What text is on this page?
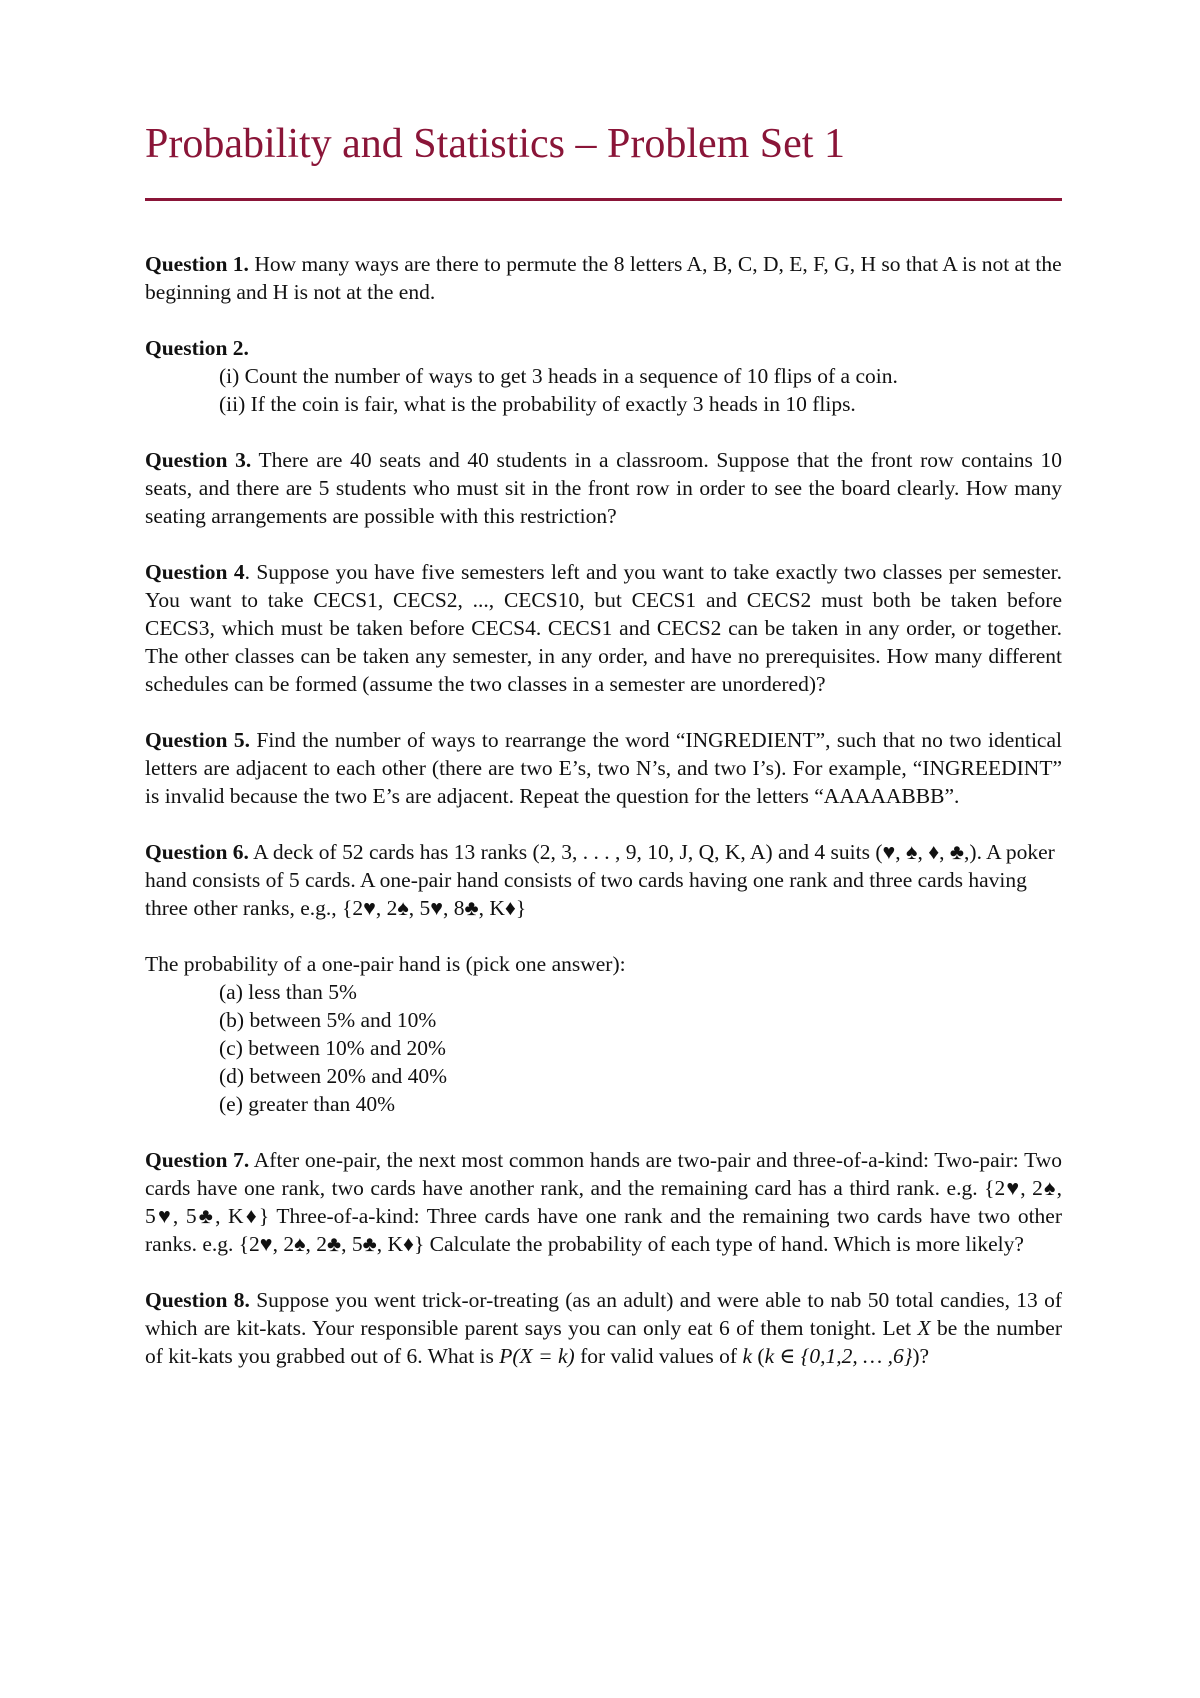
Probability and Statistics – Problem Set 1

Question 1. How many ways are there to permute the 8 letters A, B, C, D, E, F, G, H so that A is not at the beginning and H is not at the end.

Question 2.
(i) Count the number of ways to get 3 heads in a sequence of 10 flips of a coin.
(ii) If the coin is fair, what is the probability of exactly 3 heads in 10 flips.

Question 3. There are 40 seats and 40 students in a classroom. Suppose that the front row contains 10 seats, and there are 5 students who must sit in the front row in order to see the board clearly. How many seating arrangements are possible with this restriction?

Question 4. Suppose you have five semesters left and you want to take exactly two classes per semester. You want to take CECS1, CECS2, ..., CECS10, but CECS1 and CECS2 must both be taken before CECS3, which must be taken before CECS4. CECS1 and CECS2 can be taken in any order, or together. The other classes can be taken any semester, in any order, and have no prerequisites. How many different schedules can be formed (assume the two classes in a semester are unordered)?

Question 5. Find the number of ways to rearrange the word “INGREDIENT”, such that no two identical letters are adjacent to each other (there are two E’s, two N’s, and two I’s). For example, “INGREEDINT” is invalid because the two E’s are adjacent. Repeat the question for the letters “AAAAABBB”.

Question 6. A deck of 52 cards has 13 ranks (2, 3, . . . , 9, 10, J, Q, K, A) and 4 suits (♥, ♠, ♦, ♣,). A poker hand consists of 5 cards. A one-pair hand consists of two cards having one rank and three cards having three other ranks, e.g., {2♥, 2♠, 5♥, 8♣, K♦}

The probability of a one-pair hand is (pick one answer):
(a) less than 5%
(b) between 5% and 10%
(c) between 10% and 20%
(d) between 20% and 40%
(e) greater than 40%

Question 7. After one-pair, the next most common hands are two-pair and three-of-a-kind: Two-pair: Two cards have one rank, two cards have another rank, and the remaining card has a third rank. e.g. {2♥, 2♠, 5♥, 5♣, K♦} Three-of-a-kind: Three cards have one rank and the remaining two cards have two other ranks. e.g. {2♥, 2♠, 2♣, 5♣, K♦} Calculate the probability of each type of hand. Which is more likely?

Question 8. Suppose you went trick-or-treating (as an adult) and were able to nab 50 total candies, 13 of which are kit-kats. Your responsible parent says you can only eat 6 of them tonight. Let X be the number of kit-kats you grabbed out of 6. What is P(X = k) for valid values of k (k ∈ {0,1,2, … ,6})?
